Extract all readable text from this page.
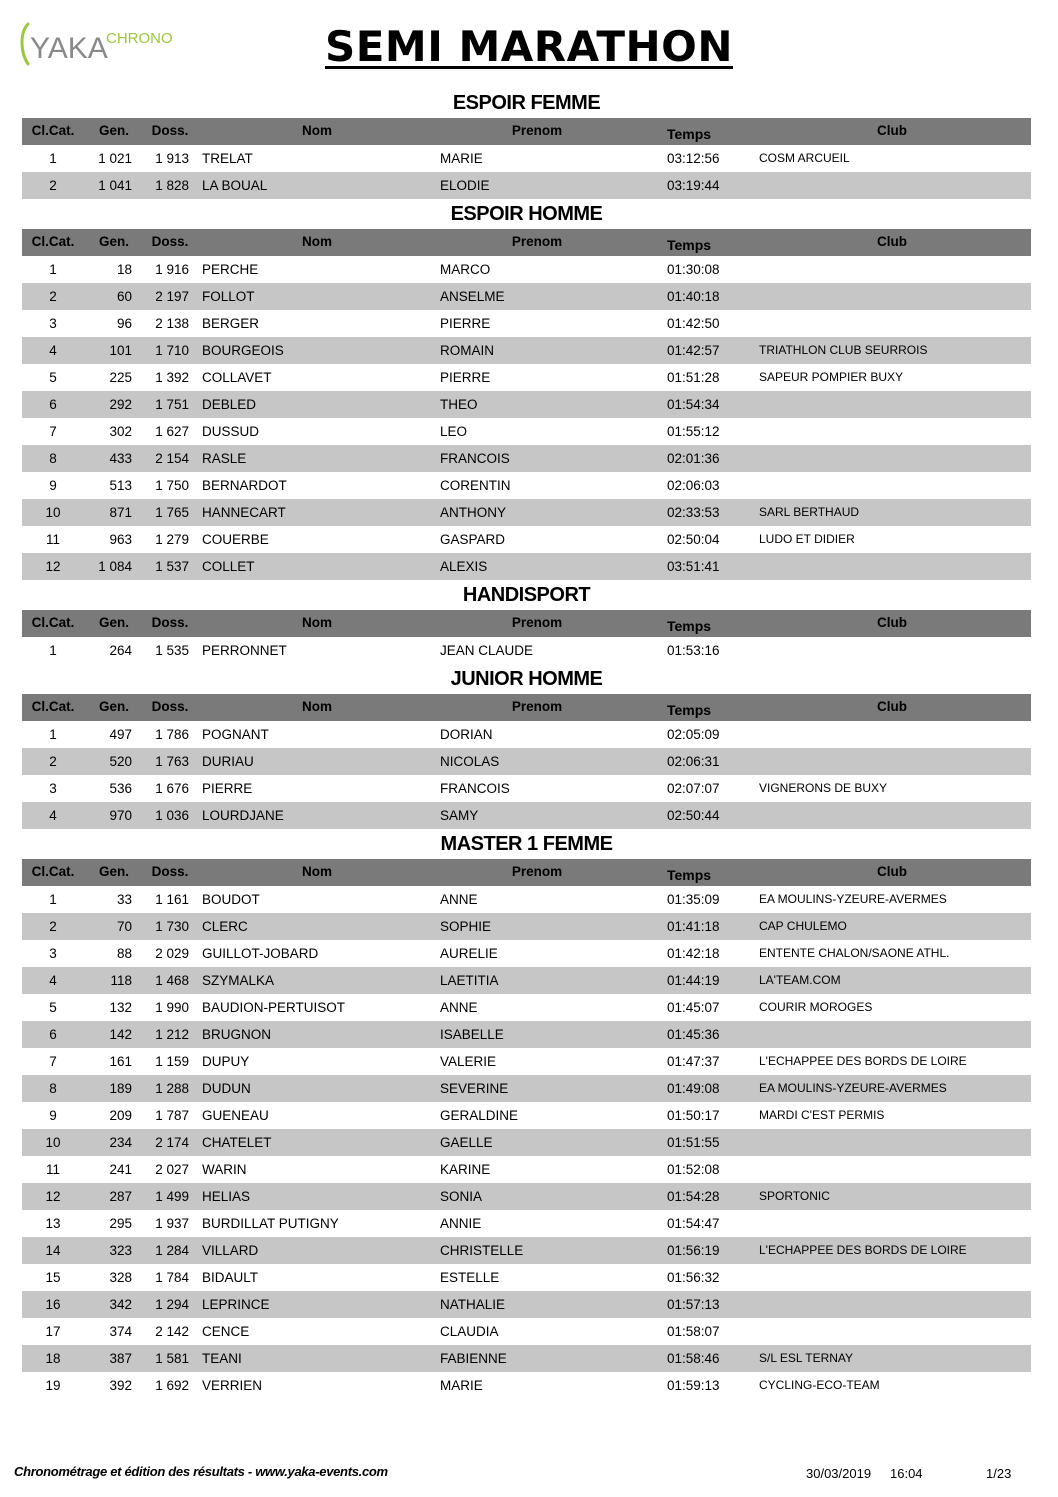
YAKA
CHRONO	SEMI MARATHON
ESPOIR FEMME
Cl.Cat.	Gen.	Doss.	Nom	Prenom	Temps	Club
1	1 021	1 913 TRELAT	MARIE	03:12:56	COSM ARCUEIL
2	1 041	1 828 LA BOUAL	ELODIE	03:19:44
ESPOIR HOMME
Cl.Cat.	Gen.	Doss.	Nom	Prenom	Temps	Club
1	18	1 916 PERCHE	MARCO	01:30:08
2	60	2 197 FOLLOT	ANSELME	01:40:18
3	96	2 138 BERGER	PIERRE	01:42:50
4	101	1 710 BOURGEOIS	ROMAIN	01:42:57	TRIATHLON CLUB SEURROIS
5	225	1 392 COLLAVET	PIERRE	01:51:28	SAPEUR POMPIER BUXY
6	292	1 751 DEBLED	THEO	01:54:34
7	302	1 627 DUSSUD	LEO	01:55:12
8	433	2 154 RASLE	FRANCOIS	02:01:36
9	513	1 750 BERNARDOT	CORENTIN	02:06:03
10	871	1 765 HANNECART	ANTHONY	02:33:53	SARL BERTHAUD
11	963	1 279 COUERBE	GASPARD	02:50:04	LUDO ET DIDIER
12	1 084	1 537 COLLET	ALEXIS	03:51:41
HANDISPORT
Cl.Cat.	Gen.	Doss.	Nom	Prenom	Temps	Club
1	264	1 535 PERRONNET	JEAN CLAUDE	01:53:16
JUNIOR HOMME
Cl.Cat.	Gen.	Doss.	Nom	Prenom	Temps	Club
1	497	1 786 POGNANT	DORIAN	02:05:09
2	520	1 763 DURIAU	NICOLAS	02:06:31
3	536	1 676 PIERRE	FRANCOIS	02:07:07	VIGNERONS DE BUXY
4	970	1 036 LOURDJANE	SAMY	02:50:44
MASTER 1 FEMME
Cl.Cat.	Gen.	Doss.	Nom	Prenom	Temps	Club
1	33	1 161 BOUDOT	ANNE	01:35:09	EA MOULINS-YZEURE-AVERMES
2	70	1 730 CLERC	SOPHIE	01:41:18	CAP CHULEMO
3	88	2 029 GUILLOT-JOBARD	AURELIE	01:42:18	ENTENTE CHALON/SAONE ATHL.
4	118	1 468 SZYMALKA	LAETITIA	01:44:19	LA'TEAM.COM
5	132	1 990 BAUDION-PERTUISOT	ANNE	01:45:07	COURIR MOROGES
6	142	1 212 BRUGNON	ISABELLE	01:45:36
7	161	1 159 DUPUY	VALERIE	01:47:37	L'ECHAPPEE DES BORDS DE LOIRE
8	189	1 288 DUDUN	SEVERINE	01:49:08	EA MOULINS-YZEURE-AVERMES
9	209	1 787 GUENEAU	GERALDINE	01:50:17	MARDI C'EST PERMIS
10	234	2 174 CHATELET	GAELLE	01:51:55
11	241	2 027 WARIN	KARINE	01:52:08
12	287	1 499 HELIAS	SONIA	01:54:28	SPORTONIC
13	295	1 937 BURDILLAT PUTIGNY	ANNIE	01:54:47
14	323	1 284 VILLARD	CHRISTELLE	01:56:19	L'ECHAPPEE DES BORDS DE LOIRE
15	328	1 784 BIDAULT	ESTELLE	01:56:32
16	342	1 294 LEPRINCE	NATHALIE	01:57:13
17	374	2 142 CENCE	CLAUDIA	01:58:07
18	387	1 581 TEANI	FABIENNE	01:58:46	S/L ESL TERNAY
19	392	1 692 VERRIEN	MARIE	01:59:13	CYCLING-ECO-TEAM
Chronométrage et édition des résultats - www.yaka-events.com	30/03/2019 16:04	1/23
